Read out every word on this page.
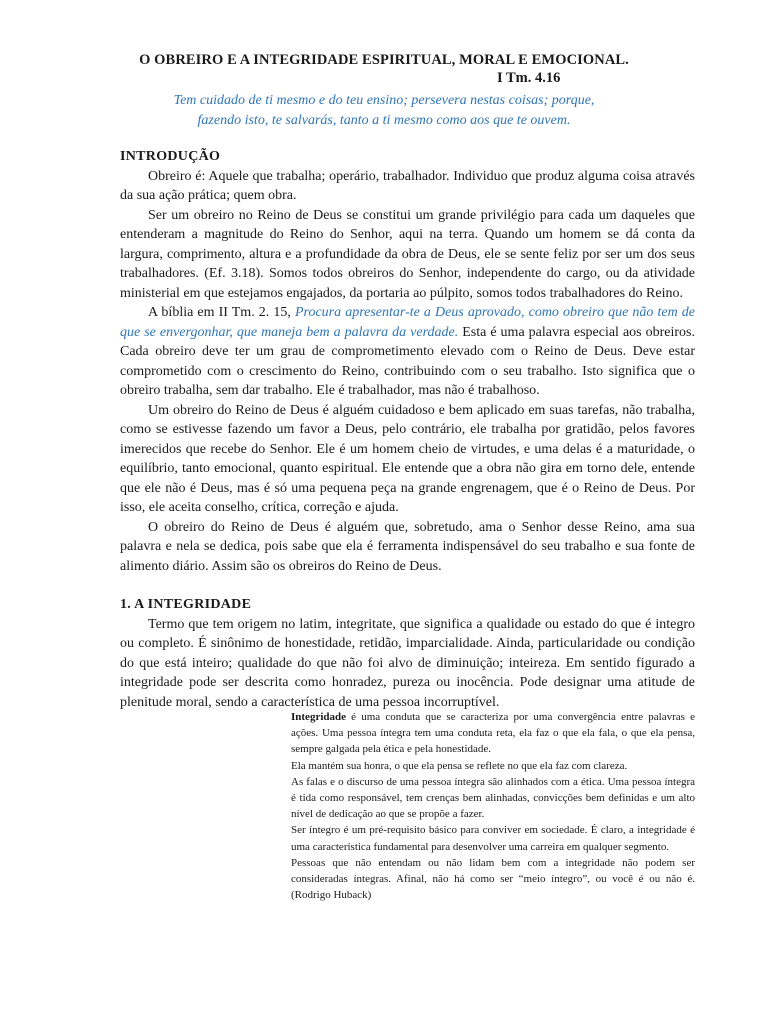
O OBREIRO E A INTEGRIDADE ESPIRITUAL, MORAL E EMOCIONAL.
I Tm. 4.16
Tem cuidado de ti mesmo e do teu ensino; persevera nestas coisas; porque,
fazendo isto, te salvarás, tanto a ti mesmo como aos que te ouvem.
INTRODUÇÃO

  Obreiro é: Aquele que trabalha; operário, trabalhador. Individuo que produz alguma coisa através da sua ação prática; quem obra.

  Ser um obreiro no Reino de Deus se constitui um grande privilégio para cada um daqueles que entenderam a magnitude do Reino do Senhor, aqui na terra. Quando um homem se dá conta da largura, comprimento, altura e a profundidade da obra de Deus, ele se sente feliz por ser um dos seus trabalhadores. (Ef. 3.18). Somos todos obreiros do Senhor, independente do cargo, ou da atividade ministerial em que estejamos engajados, da portaria ao púlpito, somos todos trabalhadores do Reino.

  A bíblia em II Tm. 2. 15, Procura apresentar-te a Deus aprovado, como obreiro que não tem de que se envergonhar, que maneja bem a palavra da verdade. Esta é uma palavra especial aos obreiros. Cada obreiro deve ter um grau de comprometimento elevado com o Reino de Deus. Deve estar comprometido com o crescimento do Reino, contribuindo com o seu trabalho. Isto significa que o obreiro trabalha, sem dar trabalho. Ele é trabalhador, mas não é trabalhoso.

  Um obreiro do Reino de Deus é alguém cuidadoso e bem aplicado em suas tarefas, não trabalha, como se estivesse fazendo um favor a Deus, pelo contrário, ele trabalha por gratidão, pelos favores imerecidos que recebe do Senhor. Ele é um homem cheio de virtudes, e uma delas é a maturidade, o equilíbrio, tanto emocional, quanto espiritual. Ele entende que a obra não gira em torno dele, entende que ele não é Deus, mas é só uma pequena peça na grande engrenagem, que é o Reino de Deus. Por isso, ele aceita conselho, crítica, correção e ajuda.

  O obreiro do Reino de Deus é alguém que, sobretudo, ama o Senhor desse Reino, ama sua palavra e nela se dedica, pois sabe que ela é ferramenta indispensável do seu trabalho e sua fonte de alimento diário. Assim são os obreiros do Reino de Deus.

1. A INTEGRIDADE

  Termo que tem origem no latim, integritate, que significa a qualidade ou estado do que é integro ou completo. É sinônimo de honestidade, retidão, imparcialidade. Ainda, particularidade ou condição do que está inteiro; qualidade do que não foi alvo de diminuição; inteireza. Em sentido figurado a integridade pode ser descrita como honradez, pureza ou inocência. Pode designar uma atitude de plenitude moral, sendo a característica de uma pessoa incorruptível.

Integridade é uma conduta que se caracteriza por uma convergência entre palavras e ações. Uma pessoa íntegra tem uma conduta reta, ela faz o que ela fala, o que ela pensa, sempre galgada pela ética e pela honestidade.

Ela mantém sua honra, o que ela pensa se reflete no que ela faz com clareza.

As falas e o discurso de uma pessoa íntegra são alinhados com a ética. Uma pessoa íntegra é tida como responsável, tem crenças bem alinhadas, convicções bem definidas e um alto nível de dedicação ao que se propõe a fazer.

Ser íntegro é um pré-requisito básico para conviver em sociedade. É claro, a integridade é uma característica fundamental para desenvolver uma carreira em qualquer segmento.

Pessoas que não entendam ou não lidam bem com a integridade não podem ser consideradas íntegras. Afinal, não há como ser “meio íntegro”, ou você é ou não é. (Rodrigo Huback)
